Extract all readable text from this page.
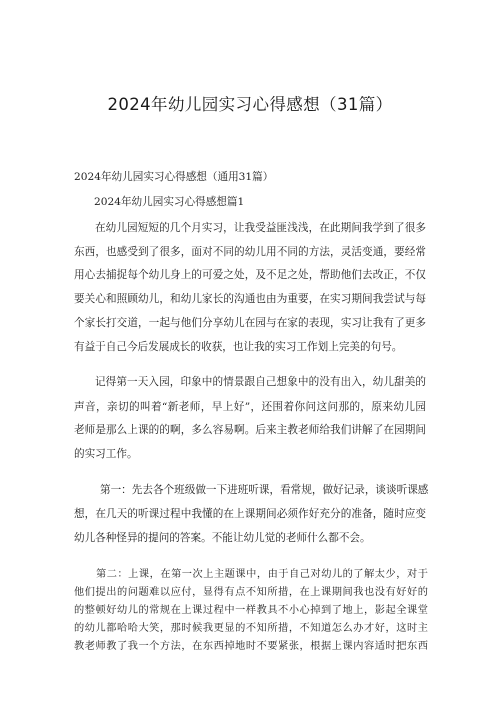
2024年幼儿园实习心得感想（31篇）
2024年幼儿园实习心得感想（通用31篇）
2024年幼儿园实习心得感想篇1
在幼儿园短短的几个月实习，让我受益匪浅浅，在此期间我学到了很多
东西，也感受到了很多，面对不同的幼儿用不同的方法，灵活变通，要经常
用心去捕捉每个幼儿身上的可爱之处，及不足之处，帮助他们去改正，不仅
要关心和照顾幼儿，和幼儿家长的沟通也由为重要，在实习期间我尝试与每
个家长打交道，一起与他们分享幼儿在园与在家的表现，实习让我有了更多
有益于自己今后发展成长的收获，也让我的实习工作划上完美的句号。
记得第一天入园，印象中的情景跟自己想象中的没有出入，幼儿甜美的
声音，亲切的叫着“新老师，早上好”，还围着你问这问那的，原来幼儿园
老师是那么上课的的啊，多么容易啊。后来主教老师给我们讲解了在园期间
的实习工作。
第一：先去各个班级做一下进班听课，看常规，做好记录，谈谈听课感
想，在几天的听课过程中我懂的在上课期间必须作好充分的准备，随时应变
幼儿各种怪异的提问的答案。不能让幼儿觉的老师什么都不会。
第二：上课，在第一次上主题课中，由于自己对幼儿的了解太少，对于
他们提出的问题难以应付，显得有点不知所措，在上课期间我也没有好好的
的整顿好幼儿的常规在上课过程中一样教具不小心掉到了地上，影起全课堂
的幼儿都哈哈大笑，那时候我更显的不知所措，不知道怎么办才好，这时主
教老师教了我一个方法，在东西掉地时不要紧张，根据上课内容适时把东西
